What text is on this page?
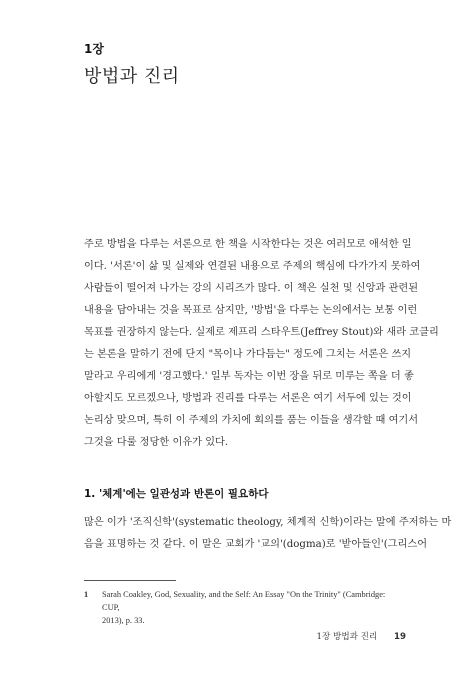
1장
방법과 진리
주로 방법을 다루는 서론으로 한 책을 시작한다는 것은 여러모로 애석한 일
이다. '서론'이 삶 및 실제와 연결된 내용으로 주제의 핵심에 다가가지 못하여
사람들이 떨어져 나가는 강의 시리즈가 많다. 이 책은 실천 및 신앙과 관련된
내용을 담아내는 것을 목표로 삼지만, '방법'을 다루는 논의에서는 보통 이런
목표를 권장하지 않는다. 실제로 제프리 스타우트(Jeffrey Stout)와 새라 코클리
는 본론을 말하기 전에 단지 "목이나 가다듬는" 정도에 그치는 서론은 쓰지
말라고 우리에게 '경고했다.' 일부 독자는 이번 장을 뒤로 미루는 쪽을 더 좋
아할지도 모르겠으나, 방법과 진리를 다루는 서론은 여기 서두에 있는 것이
논리상 맞으며, 특히 이 주제의 가치에 회의를 품는 이들을 생각할 때 여기서
그것을 다룰 정당한 이유가 있다.
1. '체계'에는 일관성과 반론이 필요하다
많은 이가 '조직신학'(systematic theology, 체계적 신학)이라는 말에 주저하는 마
음을 표명하는 것 같다. 이 말은 교회가 '교의'(dogma)로 '받아들인'(그리스어
1 Sarah Coakley, God, Sexuality, and the Self: An Essay "On the Trinity" (Cambridge: CUP,
2013), p. 33.
1장 방법과 진리 19
